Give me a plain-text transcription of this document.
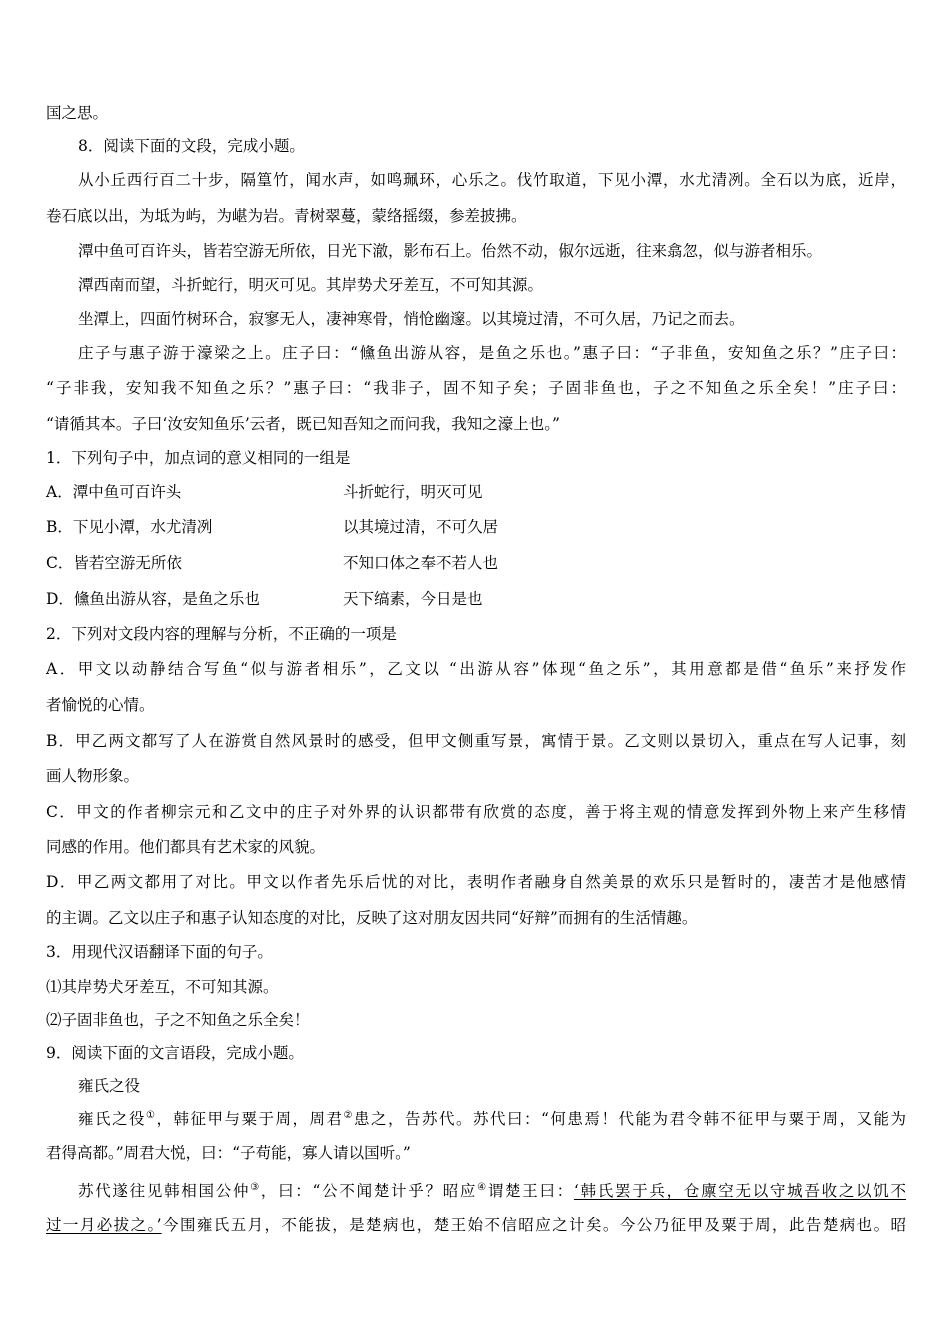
国之思。
8．阅读下面的文段，完成小题。
从小丘西行百二十步，隔篁竹，闻水声，如鸣珮环，心乐之。伐竹取道，下见小潭，水尤清冽。全石以为底，近岸，
卷石底以出，为坻为屿，为嵁为岩。青树翠蔓，蒙络摇缀，参差披拂。
潭中鱼可百许头，皆若空游无所依，日光下澈，影布石上。佁然不动，俶尔远逝，往来翕忽，似与游者相乐。
潭西南而望，斗折蛇行，明灭可见。其岸势犬牙差互，不可知其源。
坐潭上，四面竹树环合，寂寥无人，凄神寒骨，悄怆幽邃。以其境过清，不可久居，乃记之而去。
庄子与惠子游于濠梁之上。庄子曰：“儵鱼出游从容，是鱼之乐也。”惠子曰：“子非鱼，安知鱼之乐？”庄子曰：
“子非我，安知我不知鱼之乐？”惠子曰：“我非子，固不知子矣；子固非鱼也，子之不知鱼之乐全矣！”庄子曰：
“请循其本。子曰‘汝安知鱼乐’云者，既已知吾知之而问我，我知之濠上也。”
1．下列句子中，加点词的意义相同的一组是
A．潭中鱼可百许头	斗折蛇行，明灭可见
B．下见小潭，水尤清冽	以其境过清，不可久居
C．皆若空游无所依	不知口体之奉不若人也
D．儵鱼出游从容，是鱼之乐也	天下缟素，今日是也
2．下列对文段内容的理解与分析，不正确的一项是
A．甲文以动静结合写鱼“似与游者相乐”，乙文以 “出游从容”体现“鱼之乐”，其用意都是借“鱼乐”来抒发作
者愉悦的心情。
B．甲乙两文都写了人在游赏自然风景时的感受，但甲文侧重写景，寓情于景。乙文则以景切入，重点在写人记事，刻
画人物形象。
C．甲文的作者柳宗元和乙文中的庄子对外界的认识都带有欣赏的态度，善于将主观的情意发挥到外物上来产生移情
同感的作用。他们都具有艺术家的风貌。
D．甲乙两文都用了对比。甲文以作者先乐后忧的对比，表明作者融身自然美景的欢乐只是暂时的，凄苦才是他感情
的主调。乙文以庄子和惠子认知态度的对比，反映了这对朋友因共同“好辩”而拥有的生活情趣。
3．用现代汉语翻译下面的句子。
⑴其岸势犬牙差互，不可知其源。
⑵子固非鱼也，子之不知鱼之乐全矣！
9．阅读下面的文言语段，完成小题。
雍氏之役
雍氏之役①，韩征甲与粟于周，周君②患之，告苏代。苏代曰：“何患焉！代能为君令韩不征甲与粟于周，又能为
君得高都。”周君大悦，曰：“子苟能，寡人请以国听。”
苏代遂往见韩相国公仲③，曰：“公不闻楚计乎？昭应④谓楚王曰：‘韩氏罢于兵，仓廪空无以守城吾收之以饥不
过一月必拔之。’今围雍氏五月，不能拔，是楚病也，楚王始不信昭应之计矣。今公乃征甲及粟于周，此告楚病也。昭
